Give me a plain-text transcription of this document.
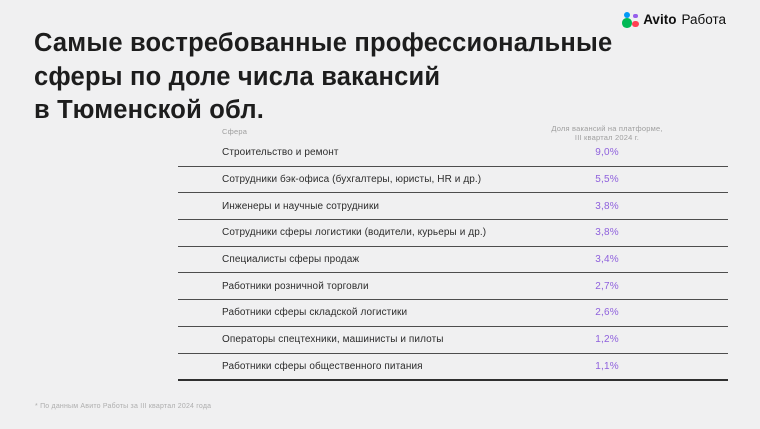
Avito Работа
Самые востребованные профессиональные
сферы по доле числа вакансий
в Тюменской обл.
Сфера	Доля вакансий на платформе,
III квартал 2024 г.
Строительство и ремонт	9,0%
Сотрудники бэк-офиса (бухгалтеры, юристы, HR и др.)	5,5%
Инженеры и научные сотрудники	3,8%
Сотрудники сферы логистики (водители, курьеры и др.)	3,8%
Специалисты сферы продаж	3,4%
Работники розничной торговли	2,7%
Работники сферы складской логистики	2,6%
Операторы спецтехники, машинисты и пилоты	1,2%
Работники сферы общественного питания	1,1%
* По данным Авито Работы за III квартал 2024 года
